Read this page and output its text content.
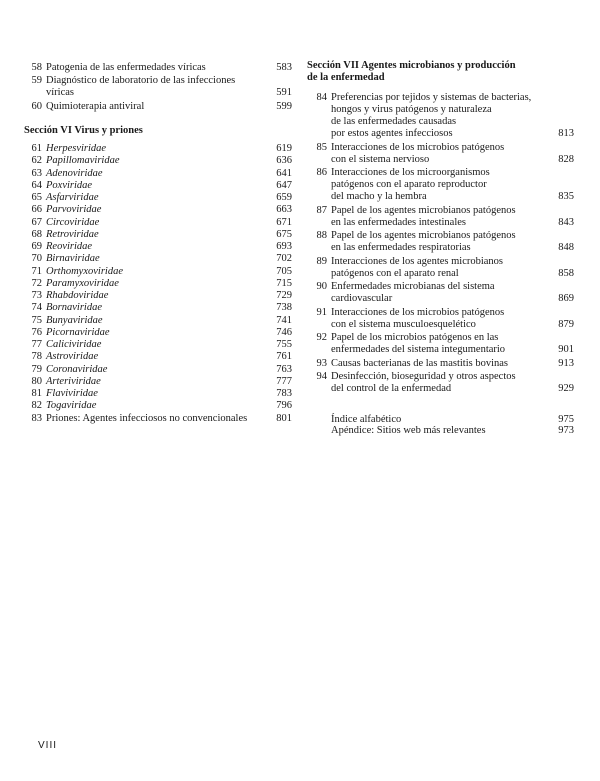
58 Patogenia de las enfermedades víricas	583
59 Diagnóstico de laboratorio de las infecciones
víricas	591
60 Quimioterapia antiviral	599
Sección VI Virus y priones
61 Herpesviridae	619
62 Papillomaviridae	636
63 Adenoviridae	641
64 Poxviridae	647
65 Asfarviridae	659
66 Parvoviridae	663
67 Circoviridae	671
68 Retroviridae	675
69 Reoviridae	693
70 Birnaviridae	702
71 Orthomyxoviridae	705
72 Paramyxoviridae	715
73 Rhabdoviridae	729
74 Bornaviridae	738
75 Bunyaviridae	741
76 Picornaviridae	746
77 Caliciviridae	755
78 Astroviridae	761
79 Coronaviridae	763
80 Arteriviridae	777
81 Flaviviridae	783
82 Togaviridae	796
83 Priones: Agentes infecciosos no convencionales	801
Sección VII Agentes microbianos y producción
de la enfermedad
84 Preferencias por tejidos y sistemas de bacterias,
hongos y virus patógenos y naturaleza
de las enfermedades causadas
por estos agentes infecciosos	813
85 Interacciones de los microbios patógenos
con el sistema nervioso	828
86 Interacciones de los microorganismos
patógenos con el aparato reproductor
del macho y la hembra	835
87 Papel de los agentes microbianos patógenos
en las enfermedades intestinales	843
88 Papel de los agentes microbianos patógenos
en las enfermedades respiratorias	848
89 Interacciones de los agentes microbianos
patógenos con el aparato renal	858
90 Enfermedades microbianas del sistema
cardiovascular	869
91 Interacciones de los microbios patógenos
con el sistema musculoesquelético	879
92 Papel de los microbios patógenos en las
enfermedades del sistema integumentario	901
93 Causas bacterianas de las mastitis bovinas	913
94 Desinfección, bioseguridad y otros aspectos
del control de la enfermedad	929
Apéndice: Sitios web más relevantes	973
Índice alfabético	975
VIII
